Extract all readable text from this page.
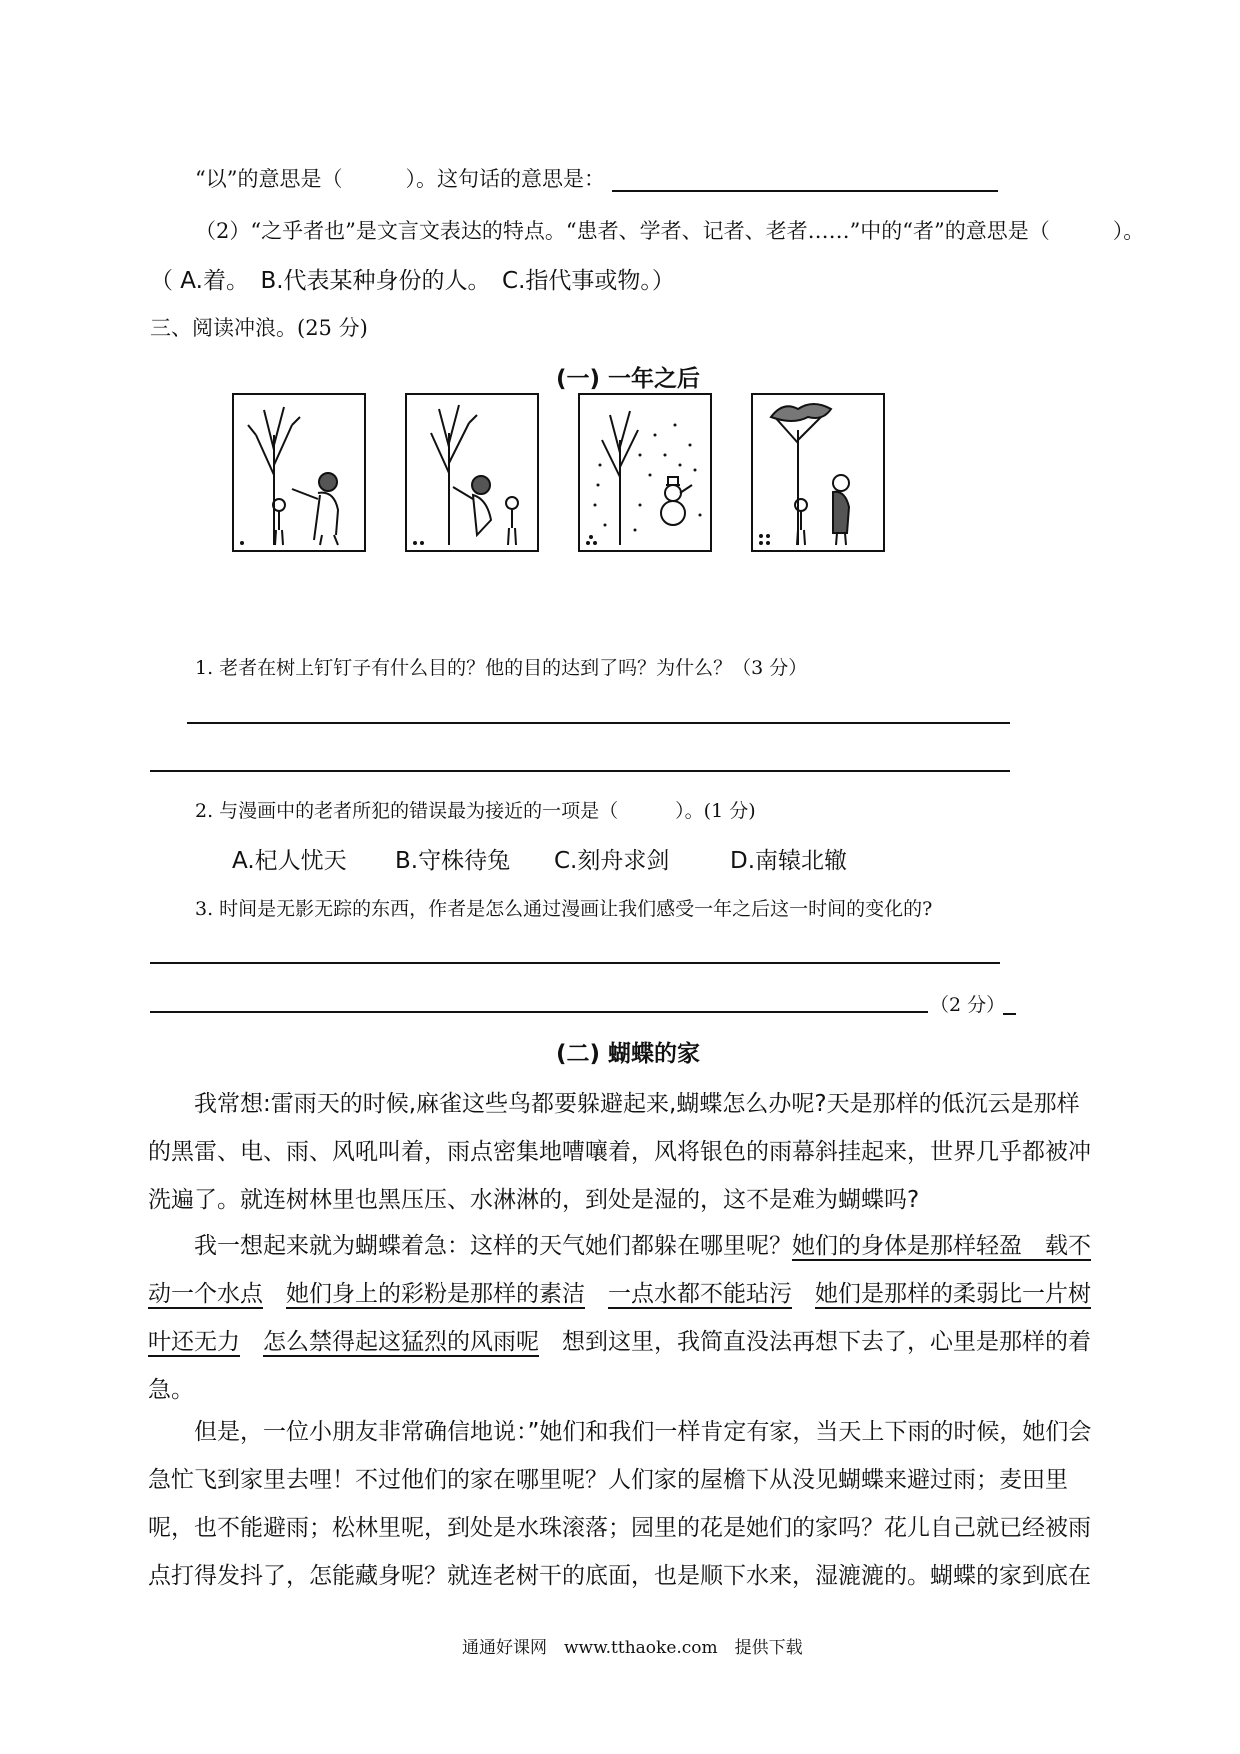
“以”的意思是（　　　）。这句话的意思是：
（2）“之乎者也”是文言文表达的特点。“患者、学者、记者、老者……”中的“者”的意思是（　　　）。
（ A.着。　B.代表某种身份的人。　C.指代事或物。）
三、阅读冲浪。(25 分)
(一) 一年之后
1. 老者在树上钉钉子有什么目的？他的目的达到了吗？为什么？（3 分）
2. 与漫画中的老者所犯的错误最为接近的一项是（　　　）。(1 分)
A.杞人忧天 B.守株待兔 C.刻舟求剑	D.南辕北辙
3. 时间是无影无踪的东西，作者是怎么通过漫画让我们感受一年之后这一时间的变化的?
（2 分）
(二) 蝴蝶的家
我常想:雷雨天的时候,麻雀这些鸟都要躲避起来,蝴蝶怎么办呢?天是那样的低沉云是那样的黑雷、电、雨、风吼叫着，雨点密集地嘈嚷着，风将银色的雨幕斜挂起来，世界几乎都被冲洗遍了。就连树林里也黑压压、水淋淋的，到处是湿的，这不是难为蝴蝶吗?
我一想起来就为蝴蝶着急：这样的天气她们都躲在哪里呢？她们的身体是那样轻盈　载不动一个水点　 她们身上的彩粉是那样的素洁　 一点水都不能玷污　 她们是那样的柔弱比一片树叶还无力　 怎么禁得起这猛烈的风雨呢　想到这里，我简直没法再想下去了，心里是那样的着急。
但是，一位小朋友非常确信地说：”她们和我们一样肯定有家，当天上下雨的时候，她们会急忙飞到家里去哩！不过他们的家在哪里呢？人们家的屋檐下从没见蝴蝶来避过雨；麦田里呢，也不能避雨；松林里呢，到处是水珠滚落；园里的花是她们的家吗？花儿自己就已经被雨点打得发抖了，怎能藏身呢？就连老树干的底面，也是顺下水来，湿漉漉的。蝴蝶的家到底在
通通好课网　www.tthaoke.com　提供下载
